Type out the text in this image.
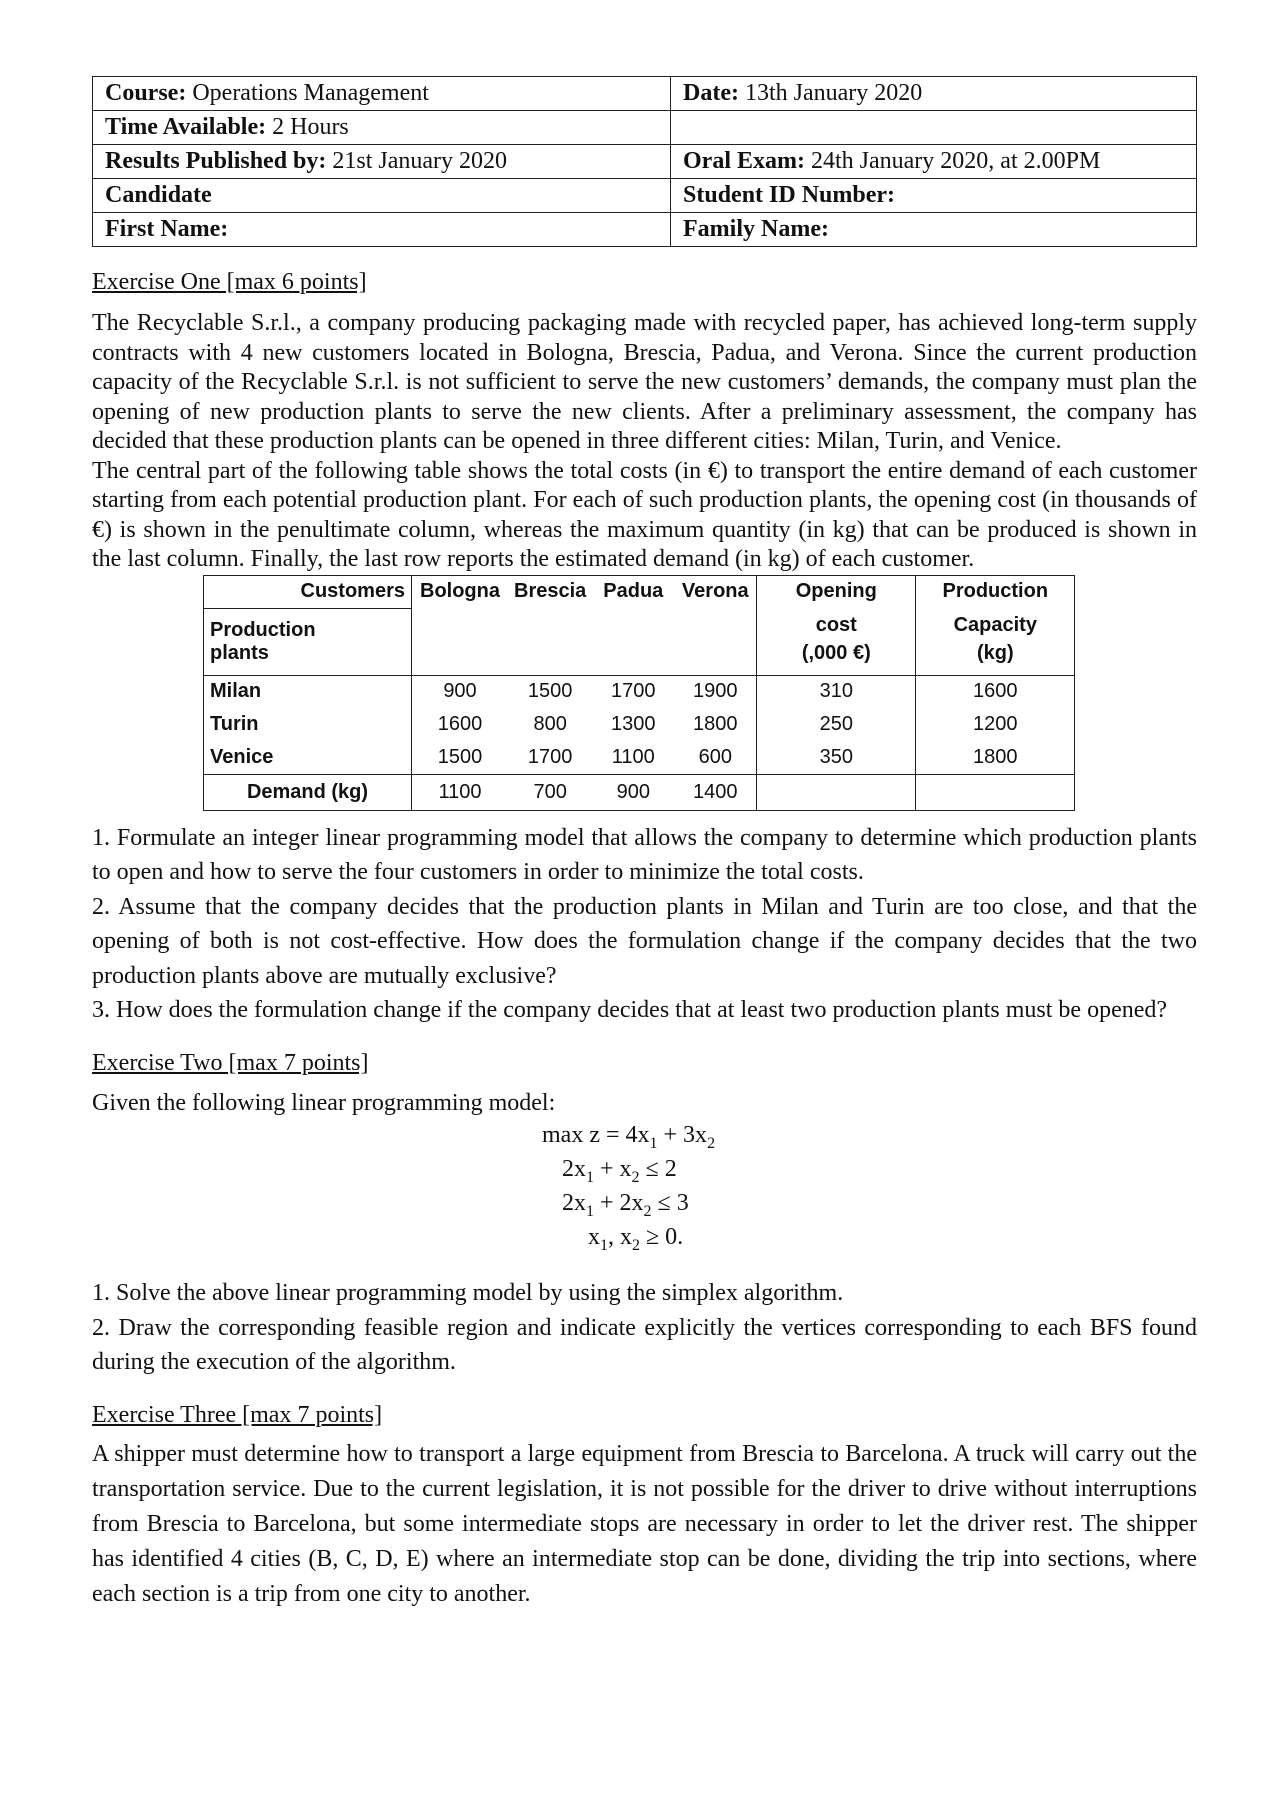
Course: Operations Management	Date: 13th January 2020
Time Available: 2 Hours	
Results Published by: 21st January 2020	Oral Exam: 24th January 2020, at 2.00PM
Candidate	Student ID Number:
First Name:	Family Name:

Exercise One [max 6 points]

The Recyclable S.r.l., a company producing packaging made with recycled paper, has achieved long-term supply contracts with 4 new customers located in Bologna, Brescia, Padua, and Verona. Since the current production capacity of the Recyclable S.r.l. is not sufficient to serve the new customers’ demands, the company must plan the opening of new production plants to serve the new clients. After a preliminary assessment, the company has decided that these production plants can be opened in three different cities: Milan, Turin, and Venice.

The central part of the following table shows the total costs (in €) to transport the entire demand of each customer starting from each potential production plant. For each of such production plants, the opening cost (in thousands of €) is shown in the penultimate column, whereas the maximum quantity (in kg) that can be produced is shown in the last column. Finally, the last row reports the estimated demand (in kg) of each customer.

Customers	Bologna	Brescia	Padua	Verona	Opening	Production
Production					cost	Capacity
plants					(,000 €)	(kg)
Milan	900	1500	1700	1900	310	1600
Turin	1600	800	1300	1800	250	1200
Venice	1500	1700	1100	600	350	1800
Demand (kg)	1100	700	900	1400		

1. Formulate an integer linear programming model that allows the company to determine which production plants to open and how to serve the four customers in order to minimize the total costs.

2. Assume that the company decides that the production plants in Milan and Turin are too close, and that the opening of both is not cost-effective. How does the formulation change if the company decides that the two production plants above are mutually exclusive?

3. How does the formulation change if the company decides that at least two production plants must be opened?

Exercise Two [max 7 points]

Given the following linear programming model:

$\max z = 4x_1 + 3x_2$
$2x_1 + x_2 \le 2$
$2x_1 + 2x_2 \le 3$
$x_1$, $x_2 \ge 0$.

1. Solve the above linear programming model by using the simplex algorithm.

2. Draw the corresponding feasible region and indicate explicitly the vertices corresponding to each BFS found during the execution of the algorithm.

Exercise Three [max 7 points]

A shipper must determine how to transport a large equipment from Brescia to Barcelona. A truck will carry out the transportation service. Due to the current legislation, it is not possible for the driver to drive without interruptions from Brescia to Barcelona, but some intermediate stops are necessary in order to let the driver rest. The shipper has identified 4 cities (B, C, D, E) where an intermediate stop can be done, dividing the trip into sections, where each section is a trip from one city to another.
